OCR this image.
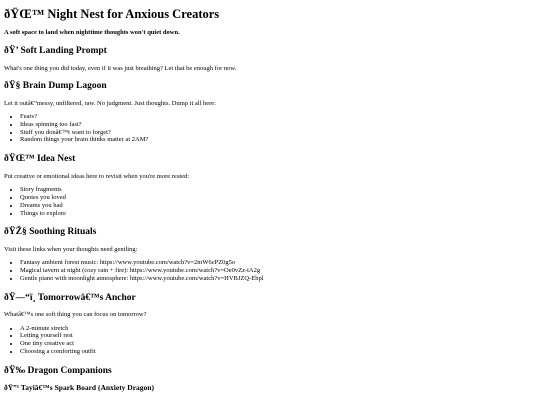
ðŸŒ™ Night Nest for Anxious Creators
A soft space to land when nighttime thoughts won't quiet down.
ðŸ’ Soft Landing Prompt

What's one thing you did today, even if it was just breathing? Let that be enough for now.

ðŸ§ Brain Dump Lagoon

Let it outâ€”messy, unfiltered, raw. No judgment. Just thoughts. Dump it all here:

• Fears?
• Ideas spinning too fast?
• Stuff you donâ€™t want to forget?
• Random things your brain thinks matter at 2AM?
ðŸŒ™ Idea Nest

Put creative or emotional ideas here to revisit when you're more rested:

• Story fragments
• Quotes you loved
• Dreams you had
• Things to explore
ðŸŽ§ Soothing Rituals

Visit these links when your thoughts need gentling:

• Fantasy ambient forest music: https://www.youtube.com/watch?v=2mW6cPZ0g5o
• Magical tavern at night (cozy rain + fire): https://www.youtube.com/watch?v=Oe0vZz-tA2g
• Gentle piano with moonlight atmosphere: https://www.youtube.com/watch?v=HVBJZQ-Ebpl
ðŸ—“ï¸ Tomorrowâ€™s Anchor

Whatâ€™s one soft thing you can focus on tomorrow?

• A 2-minute stretch
• Letting yourself rest
• One tiny creative act
• Choosing a comforting outfit
ðŸ‰ Dragon Companions
ðŸ”¹ Tayiâ€™s Spark Board (Anxiety Dragon)
